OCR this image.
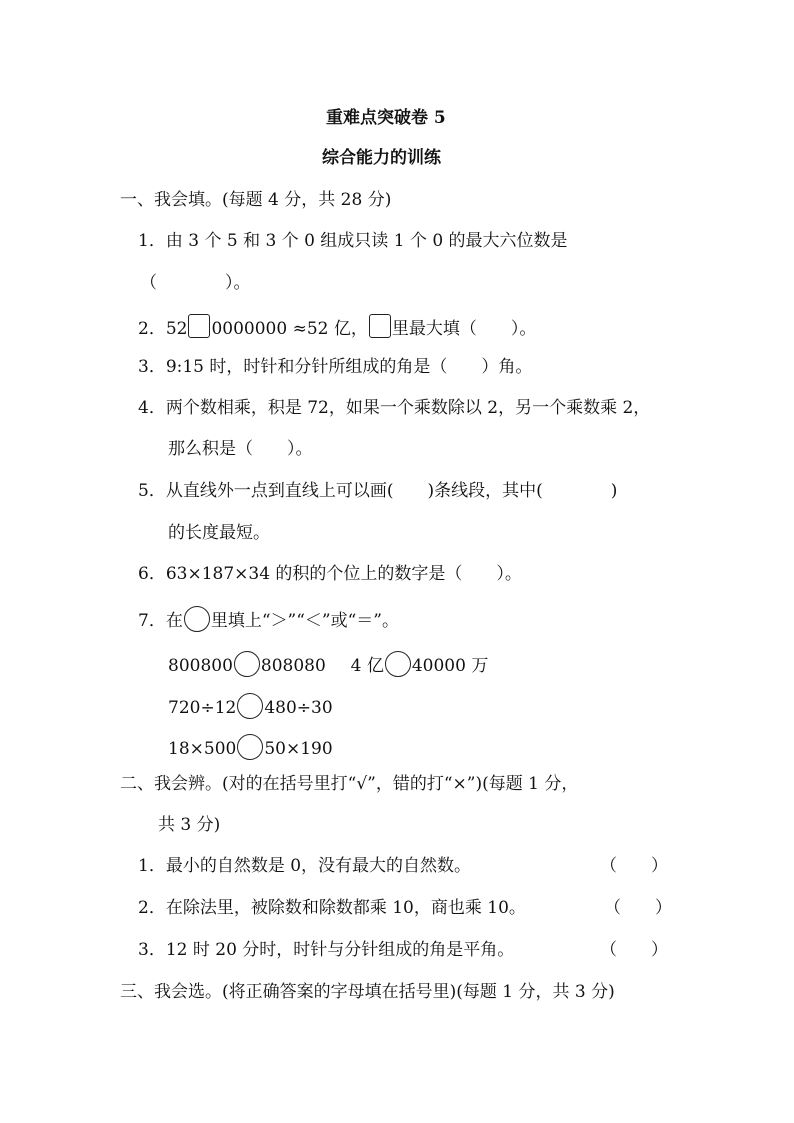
重难点突破卷 5
综合能力的训练
一、我会填。(每题 4 分，共 28 分)
1．由 3 个 5 和 3 个 0 组成只读 1 个 0 的最大六位数是
（　　　　）。
2．52 0000000 ≈52 亿， 里最大填（　　）。
3．9:15 时，时针和分针所组成的角是（　　）角。
4．两个数相乘，积是 72，如果一个乘数除以 2，另一个乘数乘 2，
那么积是（　　）。
5．从直线外一点到直线上可以画(　　)条线段，其中(　　　　)
的长度最短。
6．63×187×34 的积的个位上的数字是（　　）。
7．在 里填上“＞”“＜”或“＝”。
800800 808080 4 亿 40000 万
720÷12 480÷30
18×500 50×190
二、我会辨。(对的在括号里打“√”，错的打“×”)(每题 1 分，
共 3 分)
1．最小的自然数是 0，没有最大的自然数。	（　　）
2．在除法里，被除数和除数都乘 10，商也乘 10。	（　　）
3．12 时 20 分时，时针与分针组成的角是平角。	（　　）
三、我会选。(将正确答案的字母填在括号里)(每题 1 分，共 3 分)
